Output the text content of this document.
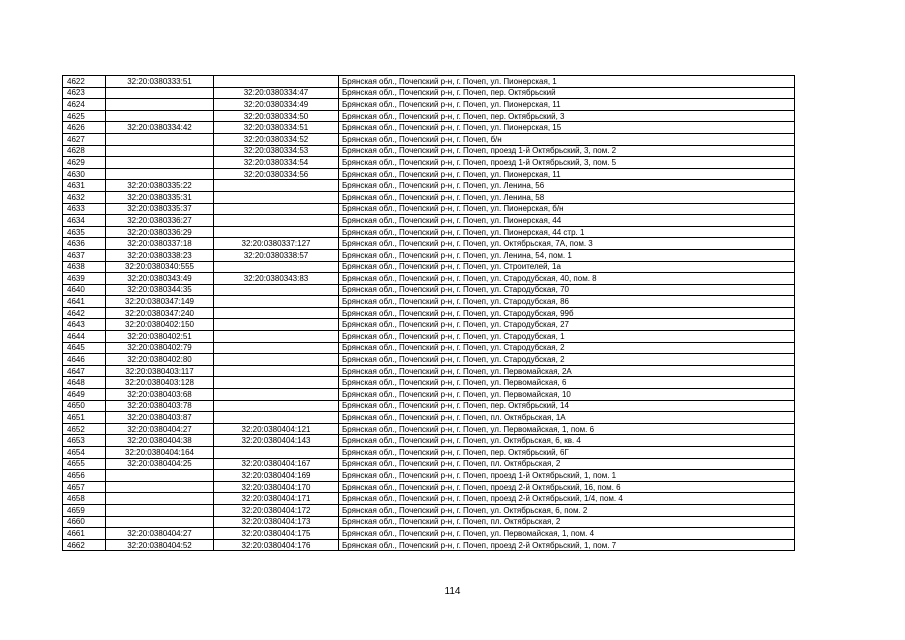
4622	32:20:0380333:51		Брянская обл., Почепский р-н, г. Почеп, ул. Пионерская, 1
4623		32:20:0380334:47	Брянская обл., Почепский р-н, г. Почеп, пер. Октябрьский
4624		32:20:0380334:49	Брянская обл., Почепский р-н, г. Почеп, ул. Пионерская, 11
4625		32:20:0380334:50	Брянская обл., Почепский р-н, г. Почеп, пер. Октябрьский, 3
4626	32:20:0380334:42	32:20:0380334:51	Брянская обл., Почепский р-н, г. Почеп, ул. Пионерская, 15
4627		32:20:0380334:52	Брянская обл., Почепский р-н, г. Почеп, б/н
4628		32:20:0380334:53	Брянская обл., Почепский р-н, г. Почеп, проезд 1-й Октябрьский, 3, пом. 2
4629		32:20:0380334:54	Брянская обл., Почепский р-н, г. Почеп, проезд 1-й Октябрьский, 3, пом. 5
4630		32:20:0380334:56	Брянская обл., Почепский р-н, г. Почеп, ул. Пионерская, 11
4631	32:20:0380335:22		Брянская обл., Почепский р-н, г. Почеп, ул. Ленина, 56
4632	32:20:0380335:31		Брянская обл., Почепский р-н, г. Почеп, ул. Ленина, 58
4633	32:20:0380335:37		Брянская обл., Почепский р-н, г. Почеп, ул. Пионерская, б/н
4634	32:20:0380336:27		Брянская обл., Почепский р-н, г. Почеп, ул. Пионерская, 44
4635	32:20:0380336:29		Брянская обл., Почепский р-н, г. Почеп, ул. Пионерская, 44 стр. 1
4636	32:20:0380337:18	32:20:0380337:127	Брянская обл., Почепский р-н, г. Почеп, ул. Октябрьская, 7А, пом. 3
4637	32:20:0380338:23	32:20:0380338:57	Брянская обл., Почепский р-н, г. Почеп, ул. Ленина, 54, пом. 1
4638	32:20:0380340:555		Брянская обл., Почепский р-н, г. Почеп, ул. Строителей, 1а
4639	32:20:0380343:49	32:20:0380343:83	Брянская обл., Почепский р-н, г. Почеп, ул. Стародубская, 40, пом. 8
4640	32:20:0380344:35		Брянская обл., Почепский р-н, г. Почеп, ул. Стародубская, 70
4641	32:20:0380347:149		Брянская обл., Почепский р-н, г. Почеп, ул. Стародубская, 86
4642	32:20:0380347:240		Брянская обл., Почепский р-н, г. Почеп, ул. Стародубская, 99б
4643	32:20:0380402:150		Брянская обл., Почепский р-н, г. Почеп, ул. Стародубская, 27
4644	32:20:0380402:51		Брянская обл., Почепский р-н, г. Почеп, ул. Стародубская, 1
4645	32:20:0380402:79		Брянская обл., Почепский р-н, г. Почеп, ул. Стародубская, 2
4646	32:20:0380402:80		Брянская обл., Почепский р-н, г. Почеп, ул. Стародубская, 2
4647	32:20:0380403:117		Брянская обл., Почепский р-н, г. Почеп, ул. Первомайская, 2А
4648	32:20:0380403:128		Брянская обл., Почепский р-н, г. Почеп, ул. Первомайская, 6
4649	32:20:0380403:68		Брянская обл., Почепский р-н, г. Почеп, ул. Первомайская, 10
4650	32:20:0380403:78		Брянская обл., Почепский р-н, г. Почеп, пер. Октябрьский, 14
4651	32:20:0380403:87		Брянская обл., Почепский р-н, г. Почеп, пл. Октябрьская, 1А
4652	32:20:0380404:27	32:20:0380404:121	Брянская обл., Почепский р-н, г. Почеп, ул. Первомайская, 1, пом. 6
4653	32:20:0380404:38	32:20:0380404:143	Брянская обл., Почепский р-н, г. Почеп, ул. Октябрьская, 6, кв. 4
4654	32:20:0380404:164		Брянская обл., Почепский р-н, г. Почеп, пер. Октябрьский, 6Г
4655	32:20:0380404:25	32:20:0380404:167	Брянская обл., Почепский р-н, г. Почеп, пл. Октябрьская, 2
4656		32:20:0380404:169	Брянская обл., Почепский р-н, г. Почеп, проезд 1-й Октябрьский, 1, пом. 1
4657		32:20:0380404:170	Брянская обл., Почепский р-н, г. Почеп, проезд 2-й Октябрьский, 16, пом. 6
4658		32:20:0380404:171	Брянская обл., Почепский р-н, г. Почеп, проезд 2-й Октябрьский, 1/4, пом. 4
4659		32:20:0380404:172	Брянская обл., Почепский р-н, г. Почеп, ул. Октябрьская, 6, пом. 2
4660		32:20:0380404:173	Брянская обл., Почепский р-н, г. Почеп, пл. Октябрьская, 2
4661	32:20:0380404:27	32:20:0380404:175	Брянская обл., Почепский р-н, г. Почеп, ул. Первомайская, 1, пом. 4
4662	32:20:0380404:52	32:20:0380404:176	Брянская обл., Почепский р-н, г. Почеп, проезд 2-й Октябрьский, 1, пом. 7
114
